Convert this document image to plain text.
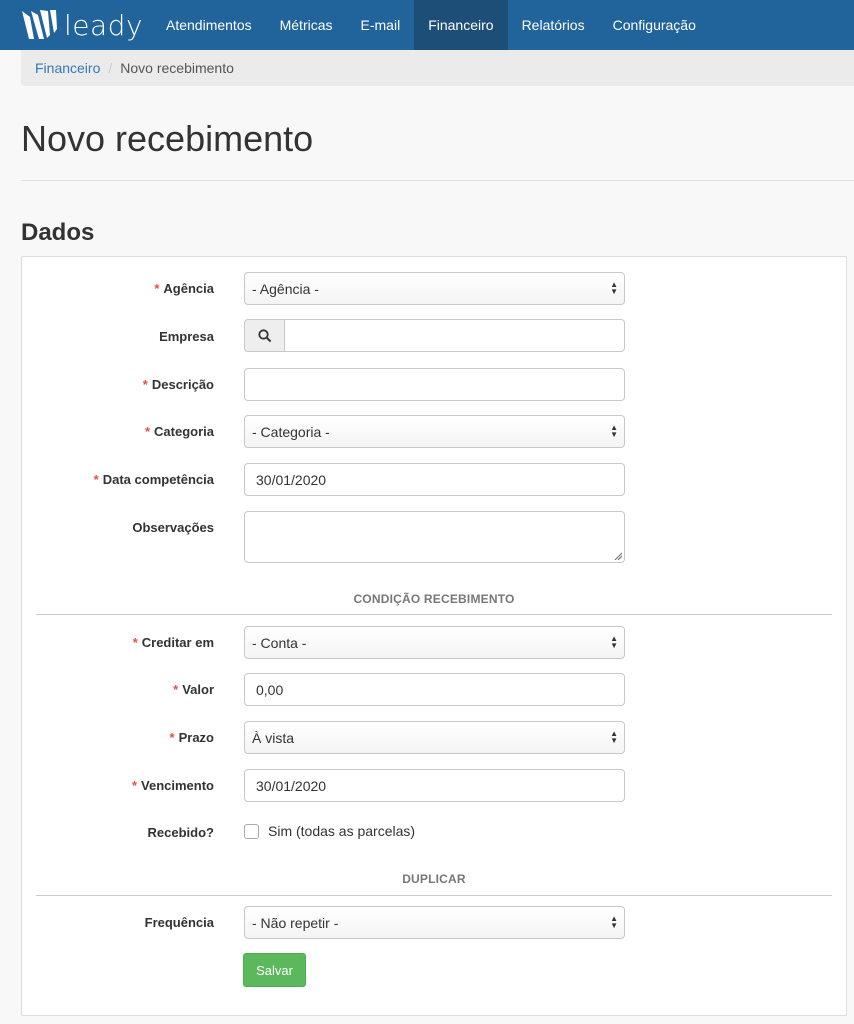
leady	Atendimentos	Métricas	E-mail	Financeiro	Relatórios	Configuração
Financeiro / Novo recebimento
Novo recebimento
Dados
* Agência	- Agência -	▲
▼
Empresa
* Descrição
* Categoria	- Categoria -	▲
▼
* Data competência	30/01/2020
Observações
CONDIÇÃO RECEBIMENTO
* Creditar em	- Conta -	▲
▼
* Valor	0,00
* Prazo	À vista	▲
▼
* Vencimento	30/01/2020
Recebido?	Sim (todas as parcelas)
DUPLICAR
Frequência	- Não repetir -	▲
▼
Salvar
